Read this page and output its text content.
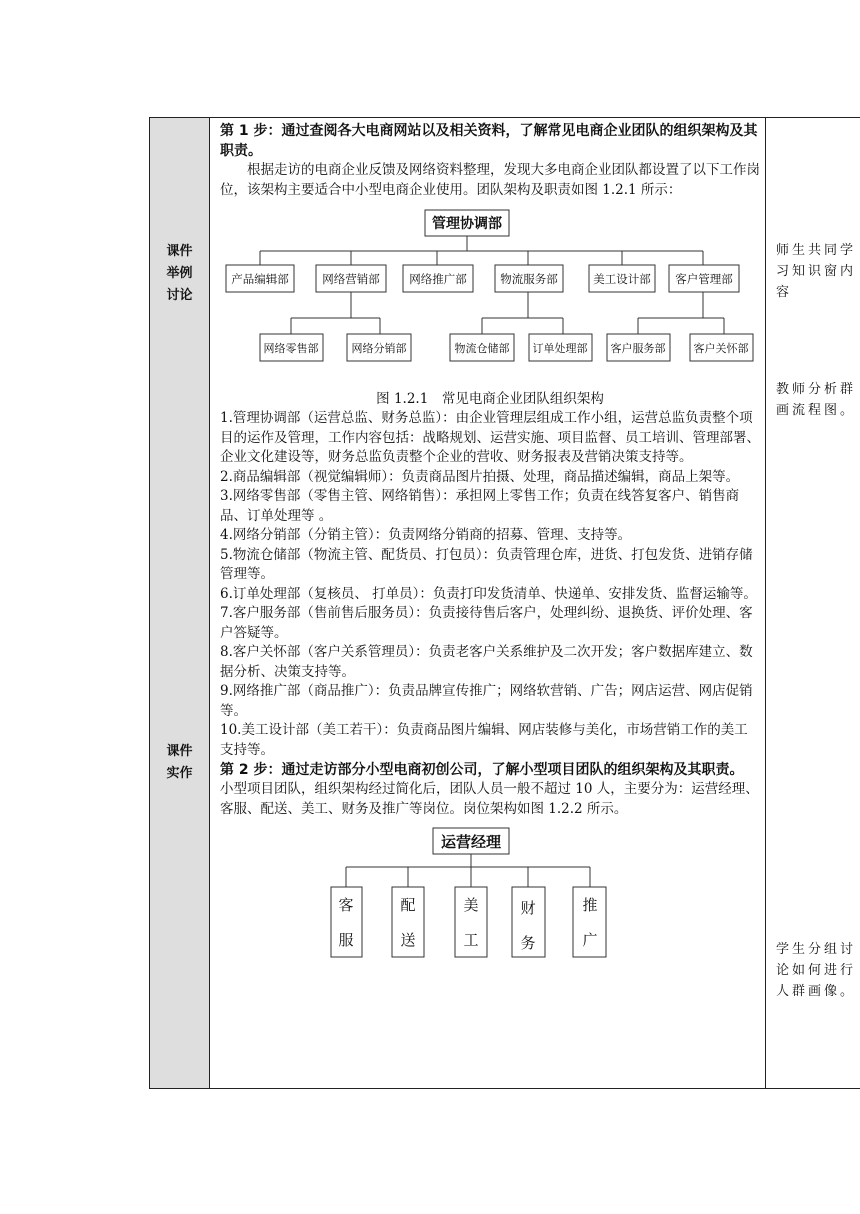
课件
举例
讨论
课件
实作
师生共同学习知识窗内容
教师分析群画流程图。
学生分组讨论如何进行人群画像。

第 1 步：通过查阅各大电商网站以及相关资料，了解常见电商企业团队的组织架构及其职责。

根据走访的电商企业反馈及网络资料整理，发现大多电商企业团队都设置了以下工作岗位，该架构主要适合中小型电商企业使用。团队架构及职责如图 1.2.1 所示：

管理协调部
产品编辑部	网络营销部	网络推广部	物流服务部	美工设计部 客户管理部
网络零售部	网络分销部	物流仓储部 订单处理部 客户服务部	客户关怀部

图 1.2.1　常见电商企业团队组织架构

1.管理协调部（运营总监、财务总监）：由企业管理层组成工作小组，运营总监负责整个项目的运作及管理，工作内容包括：战略规划、运营实施、项目监督、员工培训、管理部署、企业文化建设等，财务总监负责整个企业的营收、财务报表及营销决策支持等。

2.商品编辑部（视觉编辑师）：负责商品图片拍摄、处理，商品描述编辑，商品上架等。

3.网络零售部（零售主管、网络销售）：承担网上零售工作；负责在线答复客户、销售商品、订单处理等 。

4.网络分销部（分销主管）：负责网络分销商的招募、管理、支持等。

5.物流仓储部（物流主管、配货员、打包员）：负责管理仓库，进货、打包发货、进销存储管理等。

6.订单处理部（复核员、 打单员）：负责打印发货清单、快递单、安排发货、监督运输等。

7.客户服务部（售前售后服务员）：负责接待售后客户，处理纠纷、退换货、评价处理、客户答疑等。

8.客户关怀部（客户关系管理员）：负责老客户关系维护及二次开发；客户数据库建立、数据分析、决策支持等。

9.网络推广部（商品推广）：负责品牌宣传推广；网络软营销、广告；网店运营、网店促销等。

10.美工设计部（美工若干）：负责商品图片编辑、网店装修与美化，市场营销工作的美工支持等。

第 2 步：通过走访部分小型电商初创公司，了解小型项目团队的组织架构及其职责。

小型项目团队，组织架构经过简化后，团队人员一般不超过 10 人，主要分为：运营经理、客服、配送、美工、财务及推广等岗位。岗位架构如图 1.2.2 所示。

运营经理
客
服
配
送
美
工
财
务
推
广
